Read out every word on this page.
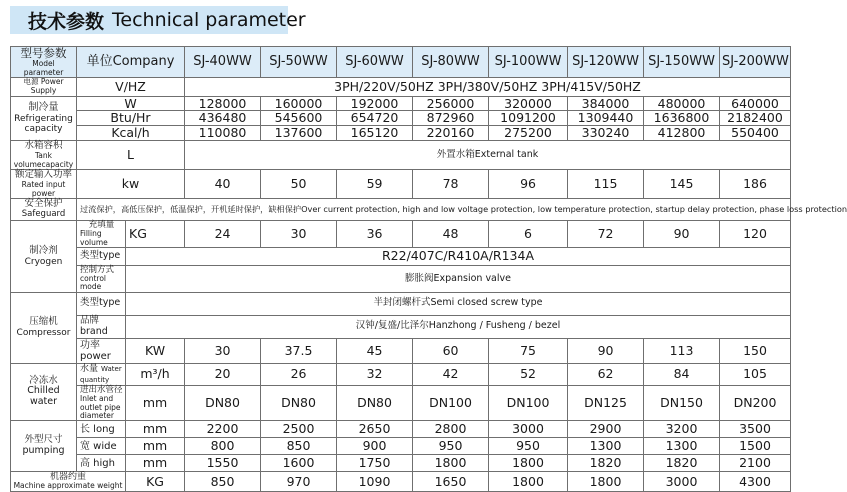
技术参数 Technical parameter
型号参数
Model parameter	单位Company		SJ-40WW	SJ-50WW	SJ-60WW	SJ-80WW	SJ-100WW	SJ-120WW	SJ-150WW	SJ-200WW

电源 Power Supply	V/HZ		3PH/220V/50HZ 3PH/380V/50HZ 3PH/415V/50HZ							

制冷量
Refrigerating capacity	W		128000	160000	192000	256000	320000	384000	480000	640000
	Btu/Hr		436480	545600	654720	872960	1091200	1309440	1636800	2182400
	Kcal/h		110080	137600	165120	220160	275200	330240	412800	550400

水箱容积
Tank volumecapacity	L		外置水箱External tank							

额定输入功率
Rated input power	kw		40	50	59	78	96	115	145	186

安全保护
Safeguard	过流保护，高低压保护，低温保护，开机延时保护，缺相保护Over current protection, high and low voltage protection, low temperature protection, startup delay protection, phase loss protection									

制冷剂
Cryogen	充填量
Filling volume	KG	24	30	36	48	6	72	90	120
	类型type	R22/407C/R410A/R134A								

	控制方式
control mode	膨胀阀Expansion valve								

压缩机
Compressor	类型type	半封闭螺杆式Semi closed screw type								
	品牌 brand	汉钟/复盛/比泽尔Hanzhong / Fusheng / bezel								
	功率 power	KW	30	37.5	45	60	75	90	113	150

冷冻水
Chilled water	水量 Water quantity	m³/h	20	26	32	42	52	62	84	105

	进出水管径
Inlet and outlet pipe diameter	mm	DN80	DN80	DN80	DN100	DN100	DN125	DN150	DN200

外型尺寸
pumping	长 long	mm	2200	2500	2650	2800	3000	2900	3200	3500
	宽 wide	mm	800	850	900	950	950	1300	1300	1500
	高 high	mm	1550	1600	1750	1800	1800	1820	1820	2100

机器约重
Machine approximate weight		KG	850	970	1090	1650	1800	1800	3000	4300
